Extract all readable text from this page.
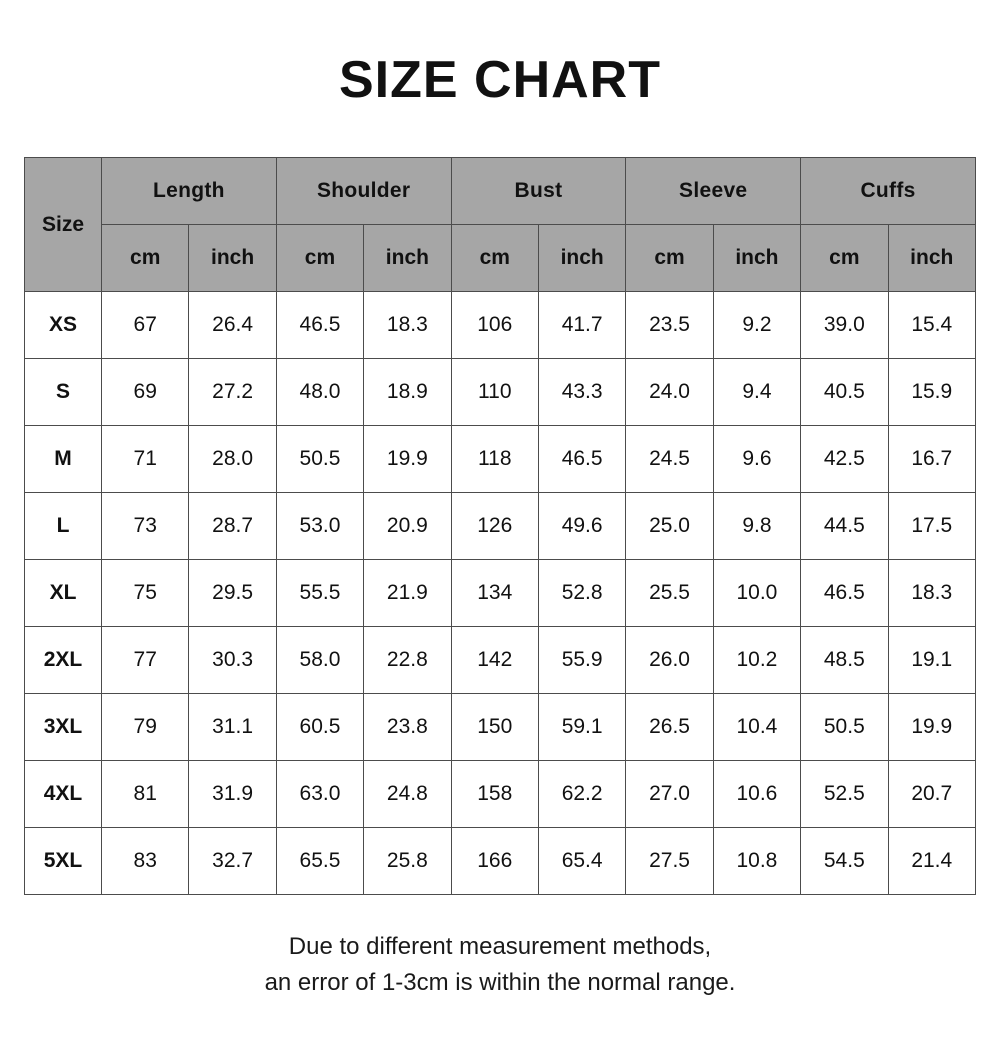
SIZE CHART
Size	Length		Shoulder		Bust		Sleeve		Cuffs	
	cm	inch	cm	inch	cm	inch	cm	inch	cm	inch
XS	67	26.4	46.5	18.3	106	41.7	23.5	9.2	39.0	15.4
S	69	27.2	48.0	18.9	110	43.3	24.0	9.4	40.5	15.9
M	71	28.0	50.5	19.9	118	46.5	24.5	9.6	42.5	16.7
L	73	28.7	53.0	20.9	126	49.6	25.0	9.8	44.5	17.5
XL	75	29.5	55.5	21.9	134	52.8	25.5	10.0	46.5	18.3
2XL	77	30.3	58.0	22.8	142	55.9	26.0	10.2	48.5	19.1
3XL	79	31.1	60.5	23.8	150	59.1	26.5	10.4	50.5	19.9
4XL	81	31.9	63.0	24.8	158	62.2	27.0	10.6	52.5	20.7
5XL	83	32.7	65.5	25.8	166	65.4	27.5	10.8	54.5	21.4
Due to different measurement methods,
an error of 1-3cm is within the normal range.
